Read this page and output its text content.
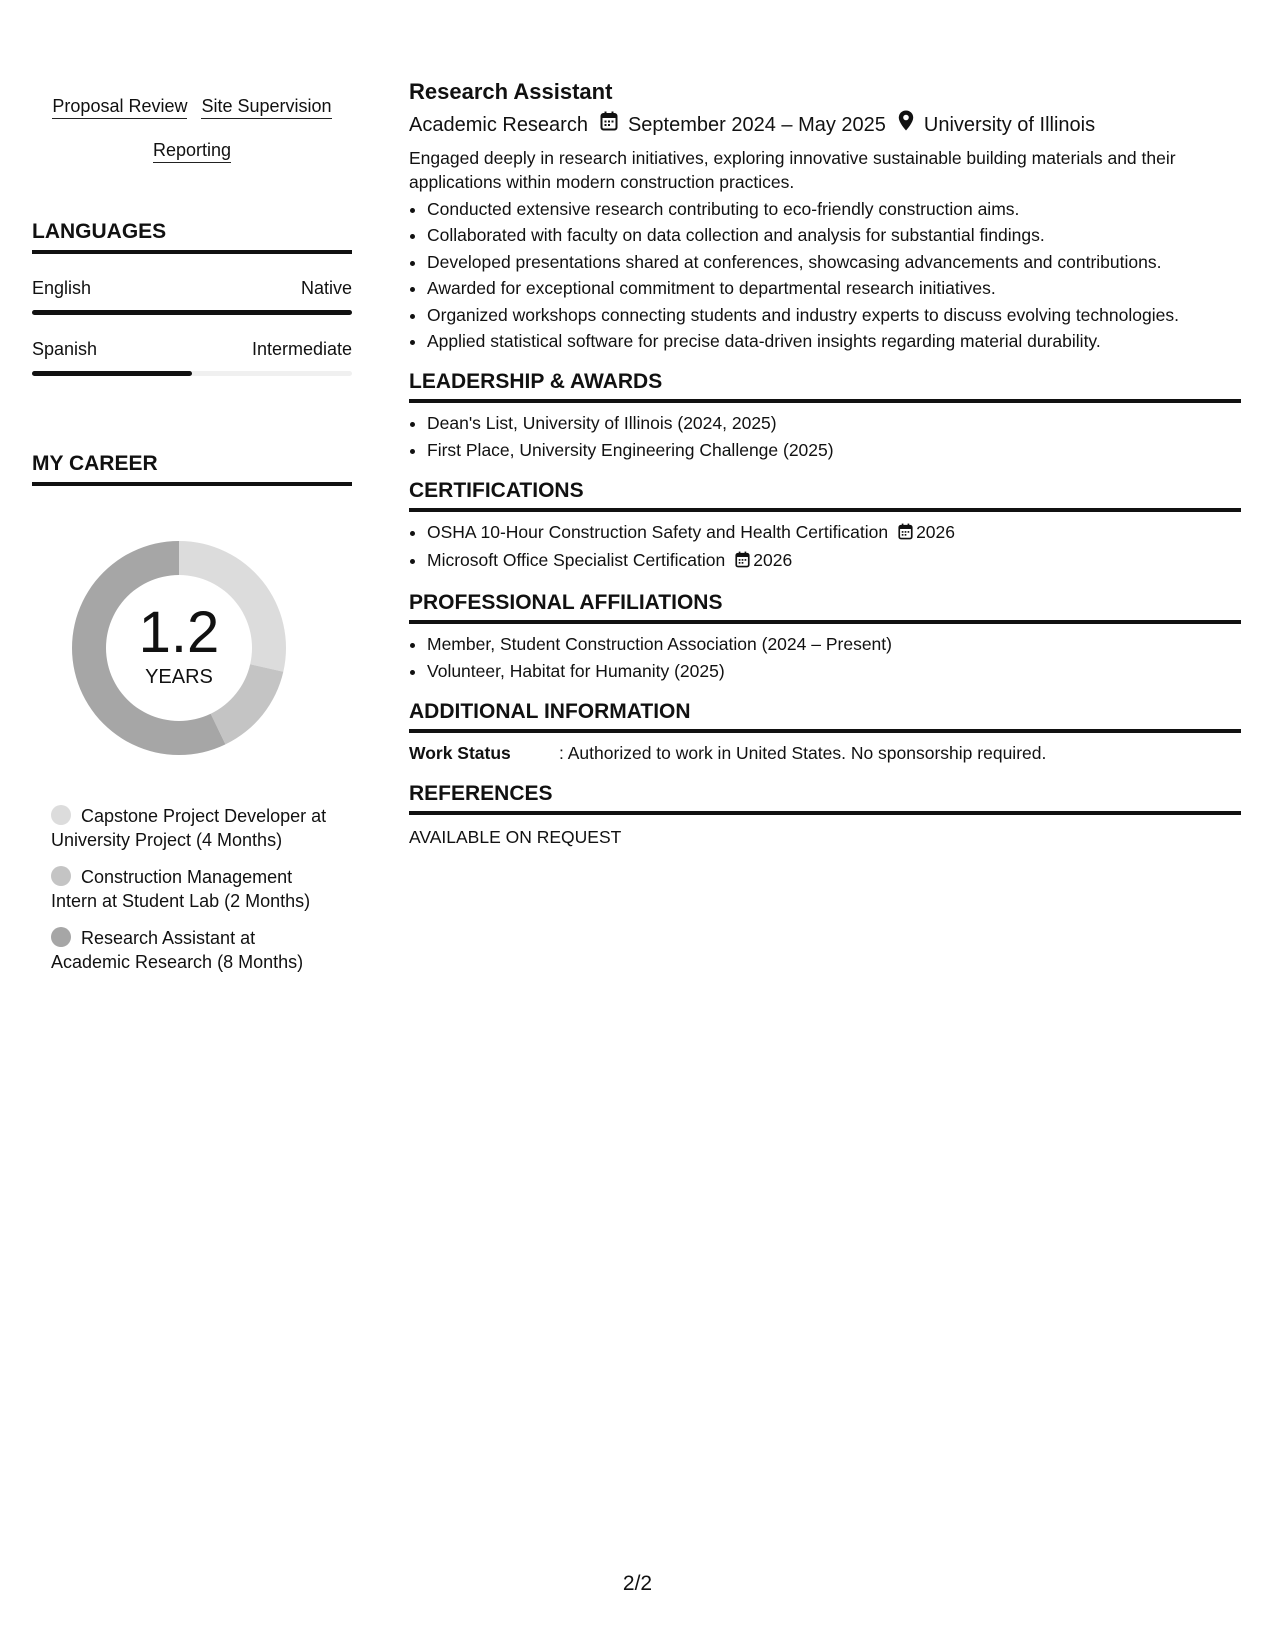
Proposal Review Site Supervision
Reporting
LANGUAGES
English	Native
Spanish	Intermediate
MY CAREER
1.2
YEARS
Capstone Project Developer at University Project (4 Months)
Construction Management Intern at Student Lab (2 Months)
Research Assistant at Academic Research (8 Months)
Research Assistant
Academic Research September 2024 – May 2025 University of Illinois
Engaged deeply in research initiatives, exploring innovative sustainable building materials and their applications within modern construction practices.
• Conducted extensive research contributing to eco-friendly construction aims.
• Collaborated with faculty on data collection and analysis for substantial findings.
• Developed presentations shared at conferences, showcasing advancements and contributions.
• Awarded for exceptional commitment to departmental research initiatives.
• Organized workshops connecting students and industry experts to discuss evolving technologies.
• Applied statistical software for precise data-driven insights regarding material durability.
LEADERSHIP & AWARDS
• Dean's List, University of Illinois (2024, 2025)
• First Place, University Engineering Challenge (2025)
CERTIFICATIONS
• OSHA 10-Hour Construction Safety and Health Certification 2026
• Microsoft Office Specialist Certification 2026
PROFESSIONAL AFFILIATIONS
• Member, Student Construction Association (2024 – Present)
• Volunteer, Habitat for Humanity (2025)
ADDITIONAL INFORMATION
Work Status	: Authorized to work in United States. No sponsorship required.
REFERENCES
AVAILABLE ON REQUEST
2/2
